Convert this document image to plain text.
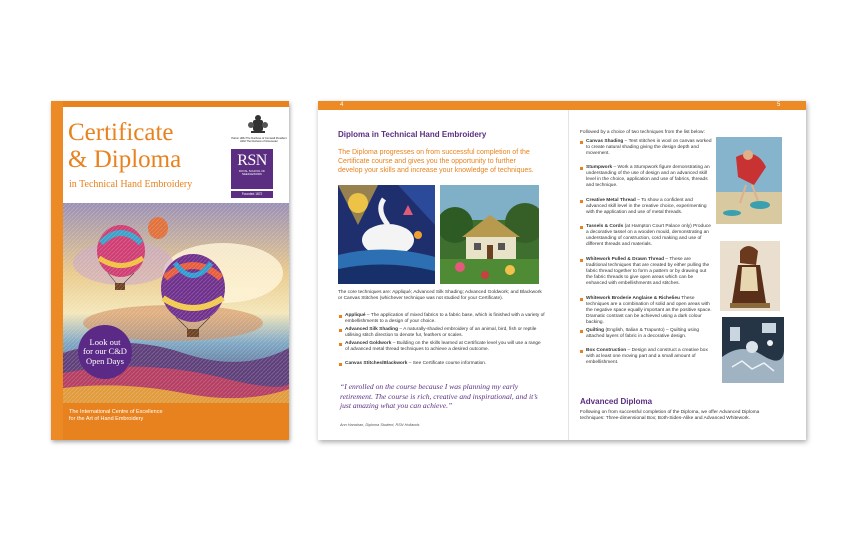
Certificate
& Diploma
in Technical Hand Embroidery
Patron HRH The Duchess of Cornwall President HRH The Duchess of Gloucester
RSN
ROYAL SCHOOL OF NEEDLEWORK
Founded 1872
Look out
for our C&D
Open Days
The International Centre of Excellence
for the Art of Hand Embroidery
4	5
Diploma in Technical Hand Embroidery
The Diploma progresses on from successful completion of the Certificate course and gives you the opportunity to further develop your skills and increase your knowledge of techniques.
The core techniques are: Appliqué; Advanced Silk Shading; Advanced Goldwork; and Blackwork or Canvas Stitches (whichever technique was not studied for your Certificate).
Appliqué – The application of mixed fabrics to a fabric base, which is finished with a variety of embellishments to a design of your choice.
Advanced Silk Shading – A naturally-shaded embroidery of an animal, bird, fish or reptile utilising stitch direction to denote fur, feathers or scales.
Advanced Goldwork – Building on the skills learned at Certificate level you will use a range of advanced metal thread techniques to achieve a desired outcome.
Canvas Stitches/Blackwork – See Certificate course information.
“I enrolled on the course because I was planning my early retirement. The course is rich, creative and inspirational, and it’s just amazing what you can achieve.”
Ann Hanahan, Diploma Student, RSN Hollands
Followed by a choice of two techniques from the list below:
Canvas Shading – Tent stitches in wool on canvas worked to create natural shading giving the design depth and movement.
Stumpwork – Work a Stumpwork figure demonstrating an understanding of the use of design and an advanced skill level in the choice, application and use of fabrics, threads and technique.
Creative Metal Thread – To show a confident and advanced skill level in the creative choice, experimenting with the application and use of metal threads.
Tassels & Cords (at Hampton Court Palace only) Produce a decorative tassel on a wooden mould, demonstrating an understanding of construction, cord making and use of different threads and materials.
Whitework Pulled & Drawn Thread – These are traditional techniques that are created by either pulling the fabric thread together to form a pattern or by drawing out the fabric threads to give open areas which can be enhanced with embellishments and stitches.
Whitework Broderie Anglaise & Richelieu These techniques are a combination of solid and open areas with the negative space equally important as the positive space. Dramatic contrast can be achieved using a dark colour backing.
Quilting (English, Italian & Trapunto) – Quilting using attached layers of fabric in a decorative design.
Box Construction – Design and construct a creative box with at least one moving part and a small amount of embellishment.
Advanced Diploma
Following on from successful completion of the Diploma, we offer Advanced Diploma techniques: Three-dimensional Box; Both-Sides-Alike and Advanced Whitework.
